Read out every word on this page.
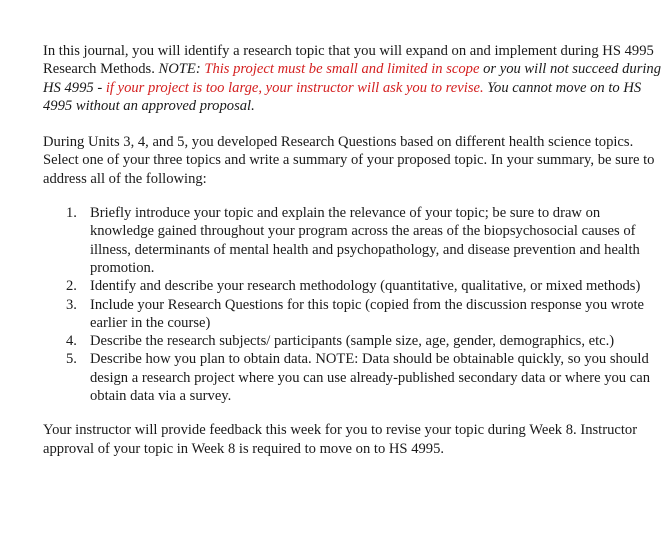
In this journal, you will identify a research topic that you will expand on and implement during HS 4995 Research Methods. NOTE: This project must be small and limited in scope or you will not succeed during HS 4995 - if your project is too large, your instructor will ask you to revise. You cannot move on to HS 4995 without an approved proposal.

During Units 3, 4, and 5, you developed Research Questions based on different health science topics. Select one of your three topics and write a summary of your proposed topic. In your summary, be sure to address all of the following:

1. Briefly introduce your topic and explain the relevance of your topic; be sure to draw on knowledge gained throughout your program across the areas of the biopsychosocial causes of illness, determinants of mental health and psychopathology, and disease prevention and health promotion.
2. Identify and describe your research methodology (quantitative, qualitative, or mixed methods)
3. Include your Research Questions for this topic (copied from the discussion response you wrote earlier in the course)
4. Describe the research subjects/ participants (sample size, age, gender, demographics, etc.)
5. Describe how you plan to obtain data. NOTE: Data should be obtainable quickly, so you should design a research project where you can use already-published secondary data or where you can obtain data via a survey.

Your instructor will provide feedback this week for you to revise your topic during Week 8. Instructor approval of your topic in Week 8 is required to move on to HS 4995.
